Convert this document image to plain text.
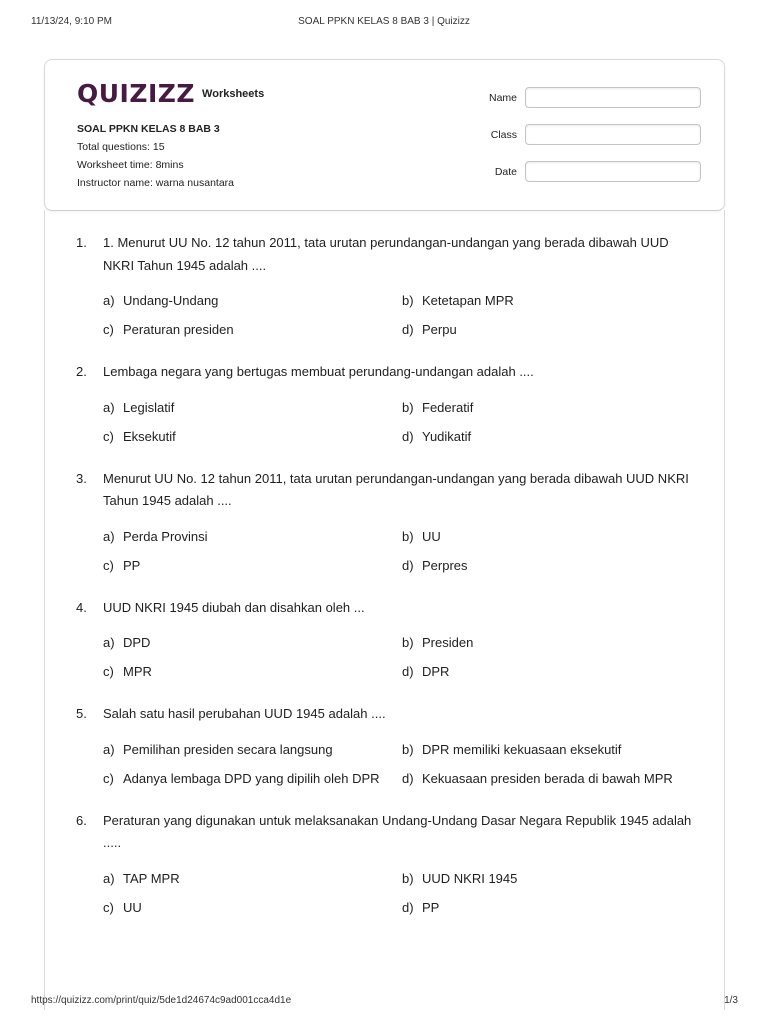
11/13/24, 9:10 PM	SOAL PPKN KELAS 8 BAB 3 | Quizizz
QUIZIZZ Worksheets
SOAL PPKN KELAS 8 BAB 3
Total questions: 15
Worksheet time: 8mins
Instructor name: warna nusantara
Name
Class
Date
1.	1. Menurut UU No. 12 tahun 2011, tata urutan perundangan-undangan yang berada dibawah UUD NKRI Tahun 1945 adalah ....
a) Undang-Undang	b) Ketetapan MPR
c) Peraturan presiden	d) Perpu
2.	Lembaga negara yang bertugas membuat perundang-undangan adalah ....
a) Legislatif	b) Federatif
c) Eksekutif	d) Yudikatif
3.	Menurut UU No. 12 tahun 2011, tata urutan perundangan-undangan yang berada dibawah UUD NKRI Tahun 1945 adalah ....
a) Perda Provinsi	b) UU
c) PP	d) Perpres
4.	UUD NKRI 1945 diubah dan disahkan oleh ...
a) DPD	b) Presiden
c) MPR	d) DPR
5.	Salah satu hasil perubahan UUD 1945 adalah ....
a) Pemilihan presiden secara langsung	b) DPR memiliki kekuasaan eksekutif
c) Adanya lembaga DPD yang dipilih oleh DPR d) Kekuasaan presiden berada di bawah MPR
6.	Peraturan yang digunakan untuk melaksanakan Undang-Undang Dasar Negara Republik 1945 adalah .....
a) TAP MPR	b) UUD NKRI 1945
c) UU	d) PP
https://quizizz.com/print/quiz/5de1d24674c9ad001cca4d1e	1/3
